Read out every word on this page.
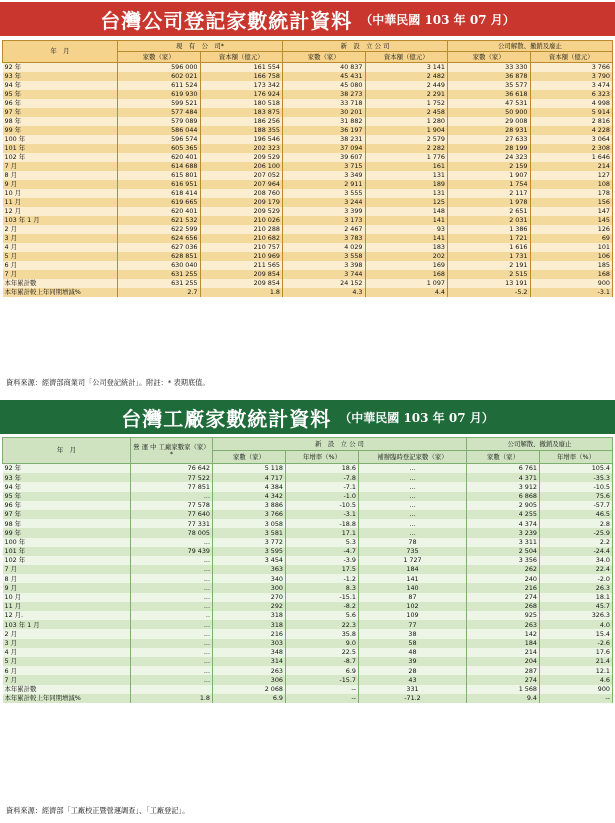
台灣公司登記家數統計資料 （中華民國 103 年 07 月）
年　月	現　有　公　司*		新　設　立 公 司		公司解散、撤銷及廢止	
	家數（家）	資本額（億元）	家數（家）	資本額（億元）	家數（家）	資本額（億元）
92 年	596 000	161 554	40 837	3 141	33 330	3 766
93 年	602 021	166 758	45 431	2 482	36 878	3 790
94 年	611 524	173 342	45 080	2 449	35 577	3 474
95 年	619 930	176 924	38 273	2 291	36 618	6 323
96 年	599 521	180 518	33 718	1 752	47 531	4 998
97 年	577 484	183 875	30 201	2 458	50 900	5 914
98 年	579 089	186 256	31 882	1 280	29 008	2 816
99 年	586 044	188 355	36 197	1 904	28 931	4 228
100 年	596 574	196 546	38 231	2 579	27 633	3 064
101 年	605 365	202 323	37 094	2 282	28 199	2 308
102 年	620 401	209 529	39 607	1 776	24 323	1 646
7 月	614 688	206 100	3 715	161	2 159	214
8 月	615 801	207 052	3 349	131	1 907	127
9 月	616 951	207 964	2 911	189	1 754	108
10 月	618 414	208 760	3 555	131	2 117	178
11 月	619 665	209 179	3 244	125	1 978	156
12 月	620 401	209 529	3 399	148	2 651	147
103 年 1 月	621 532	210 026	3 173	141	2 031	145
2 月	622 599	210 288	2 467	93	1 386	126
3 月	624 656	210 682	3 783	141	1 721	69
4 月	627 036	210 757	4 029	183	1 616	101
5 月	628 851	210 969	3 558	202	1 731	106
6 月	630 040	211 565	3 398	169	2 191	185
7 月	631 255	209 854	3 744	168	2 515	168
本年累計數	631 255	209 854	24 152	1 097	13 191	900
本年累計較上年同期增減%	2.7	1.8	4.3	4.4	-5.2	-3.1
資料來源：經濟部商業司「公司登記統計」。附註：* 表期底值。
台灣工廠家數統計資料 （中華民國 103 年 07 月）
年　月	營 運 中 工廠家數家（家） *	新　設　立 公 司			公司解散、撤銷及廢止	
		家數（家）	年增率（%）	補辦臨時登記家數（家）	家數（家）	年增率（%）
92 年	76 642	5 118	18.6	...	6 761	105.4
93 年	77 522	4 717	-7.8	...	4 371	-35.3
94 年	77 851	4 384	-7.1	...	3 912	-10.5
95 年	...	4 342	-1.0	...	6 868	75.6
96 年	77 578	3 886	-10.5	...	2 905	-57.7
97 年	77 640	3 766	-3.1	...	4 255	46.5
98 年	77 331	3 058	-18.8	...	4 374	2.8
99 年	78 005	3 581	17.1	...	3 239	-25.9
100 年	...	3 772	5.3	78	3 311	2.2
101 年	79 439	3 595	-4.7	735	2 504	-24.4
102 年	...	3 454	-3.9	1 727	3 356	34.0
7 月	...	363	17.5	184	262	22.4
8 月	...	340	-1.2	141	240	-2.0
9 月	...	300	8.3	140	216	26.3
10 月	...	270	-15.1	87	274	18.1
11 月	...	292	-8.2	102	268	45.7
12 月.	..	318	5.6	109	925	326.3
103 年 1 月	...	318	22.3	77	263	4.0
2 月	...	216	35.8	38	142	15.4
3 月	...	303	9.0	58	184	-2.6
4 月	...	348	22.5	48	214	17.6
5 月	...	314	-8.7	39	204	21.4
6 月	...	263	6.9	28	287	12.1
7 月	...	306	-15.7	43	274	4.6
本年累計數		2 068	--	331	1 568	900
本年累計較上年同期增減%	1.8	6.9	--	-71.2	9.4	--
資料來源：經濟部「工廠校正暨營運調查」、「工廠登記」。
